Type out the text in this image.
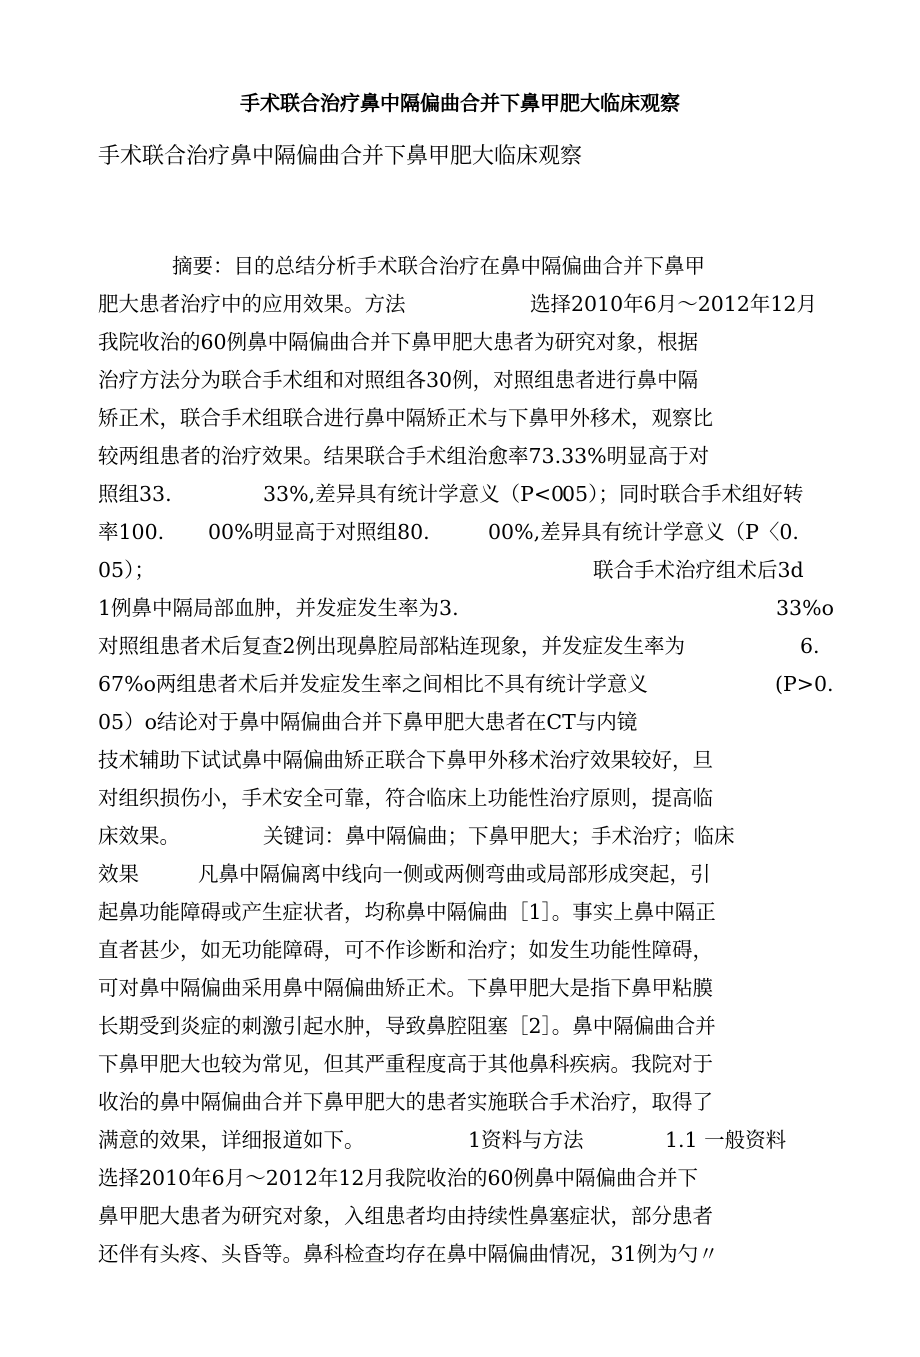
手术联合治疗鼻中隔偏曲合并下鼻甲肥大临床观察
手术联合治疗鼻中隔偏曲合并下鼻甲肥大临床观察
摘要：目的总结分析手术联合治疗在鼻中隔偏曲合并下鼻甲
肥大患者治疗中的应用效果。方法	选择2010年6月～2012年12月
我院收治的60例鼻中隔偏曲合并下鼻甲肥大患者为研究对象，根据
治疗方法分为联合手术组和对照组各30例，对照组患者进行鼻中隔
矫正术，联合手术组联合进行鼻中隔矫正术与下鼻甲外移术，观察比
较两组患者的治疗效果。结果联合手术组治愈率73.33%明显高于对
照组33.	33%,差异具有统计学意义（P<0.
05）；同时联合手术组好转
率100. 00%明显高于对照组80.	00%,差异具有统计学意义（P〈0.
05）；	联合手术治疗组术后3d
1例鼻中隔局部血肿，并发症发生率为3.	33%o
对照组患者术后复查2例出现鼻腔局部粘连现象，并发症发生率为	6.
67%o两组患者术后并发症发生率之间相比不具有统计学意义	(P>0.
05）o结论对于鼻中隔偏曲合并下鼻甲肥大患者在CT与内镜
技术辅助下试试鼻中隔偏曲矫正联合下鼻甲外移术治疗效果较好，旦
对组织损伤小，手术安全可靠，符合临床上功能性治疗原则，提高临
床效果。	关键词：鼻中隔偏曲；下鼻甲肥大；手术治疗；临床
效果	凡鼻中隔偏离中线向一侧或两侧弯曲或局部形成突起，引
起鼻功能障碍或产生症状者，均称鼻中隔偏曲［1］。事实上鼻中隔正
直者甚少，如无功能障碍，可不作诊断和治疗；如发生功能性障碍，
可对鼻中隔偏曲采用鼻中隔偏曲矫正术。下鼻甲肥大是指下鼻甲粘膜
长期受到炎症的刺激引起水肿，导致鼻腔阻塞［2］。鼻中隔偏曲合并
下鼻甲肥大也较为常见，但其严重程度高于其他鼻科疾病。我院对于
收治的鼻中隔偏曲合并下鼻甲肥大的患者实施联合手术治疗，取得了
满意的效果，详细报道如下。	1资料与方法	1.1 一般资料
选择2010年6月～2012年12月我院收治的60例鼻中隔偏曲合并下
鼻甲肥大患者为研究对象，入组患者均由持续性鼻塞症状，部分患者
还伴有头疼、头昏等。鼻科检查均存在鼻中隔偏曲情况，31例为勺〃
